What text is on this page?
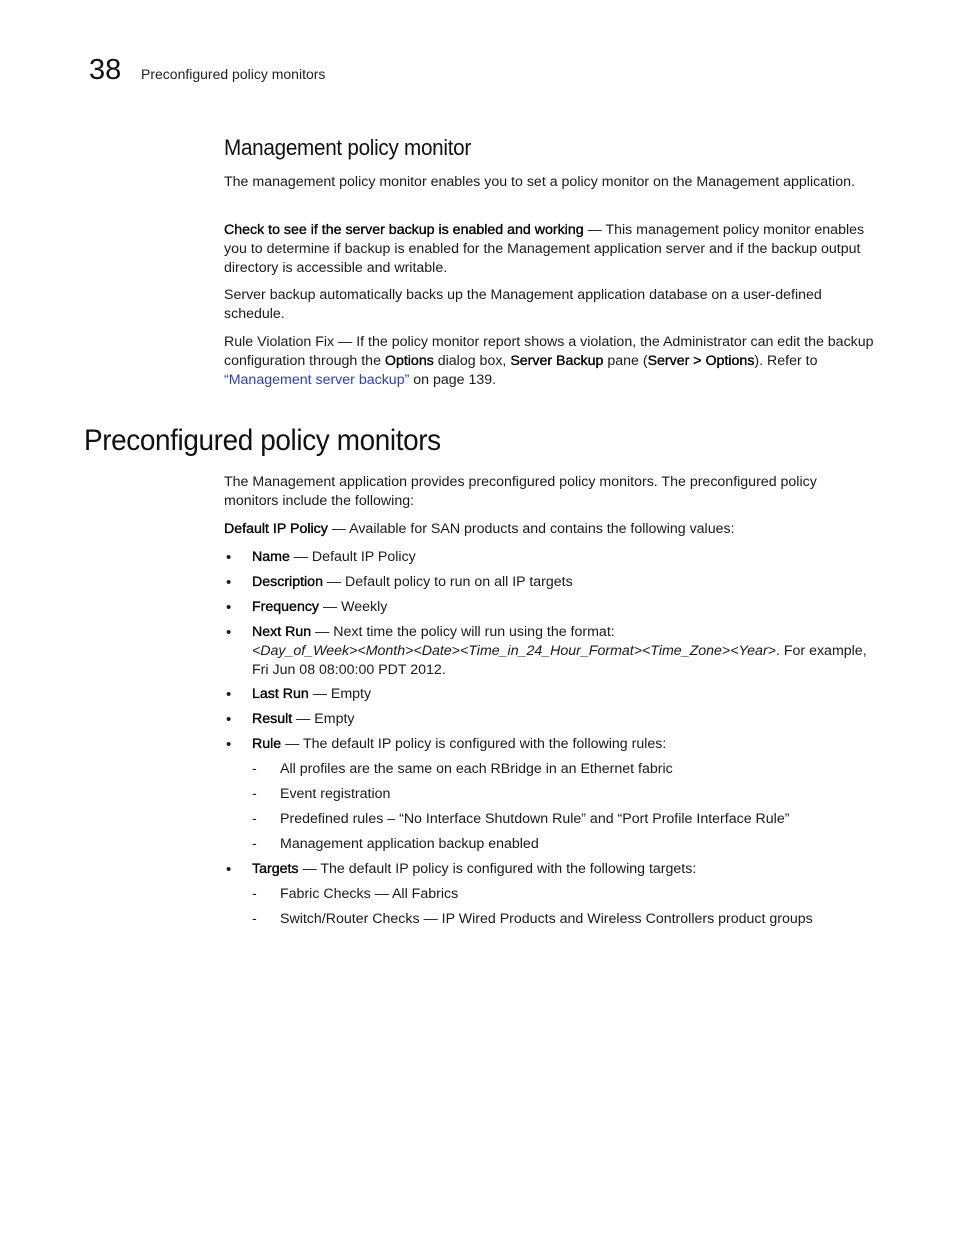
38 Preconfigured policy monitors
Management policy monitor

The management policy monitor enables you to set a policy monitor on the Management application.

Check to see if the server backup is enabled and working — This management policy monitor enables you to determine if backup is enabled for the Management application server and if the backup output directory is accessible and writable.

Server backup automatically backs up the Management application database on a user-defined schedule.

Rule Violation Fix — If the policy monitor report shows a violation, the Administrator can edit the backup configuration through the Options dialog box, Server Backup pane (Server > Options). Refer to “Management server backup” on page 139.

Preconfigured policy monitors

The Management application provides preconfigured policy monitors. The preconfigured policy monitors include the following:

Default IP Policy — Available for SAN products and contains the following values:

• Name — Default IP Policy
• Description — Default policy to run on all IP targets
• Frequency — Weekly
• Next Run — Next time the policy will run using the format:
<Day_of_Week><Month><Date><Time_in_24_Hour_Format><Time_Zone><Year>. For example, Fri Jun 08 08:00:00 PDT 2012.
• Last Run — Empty
• Result — Empty
• Rule — The default IP policy is configured with the following rules:
- All profiles are the same on each RBridge in an Ethernet fabric
- Event registration
- Predefined rules – “No Interface Shutdown Rule” and “Port Profile Interface Rule”
- Management application backup enabled
• Targets — The default IP policy is configured with the following targets:
- Fabric Checks — All Fabrics
- Switch/Router Checks — IP Wired Products and Wireless Controllers product groups
